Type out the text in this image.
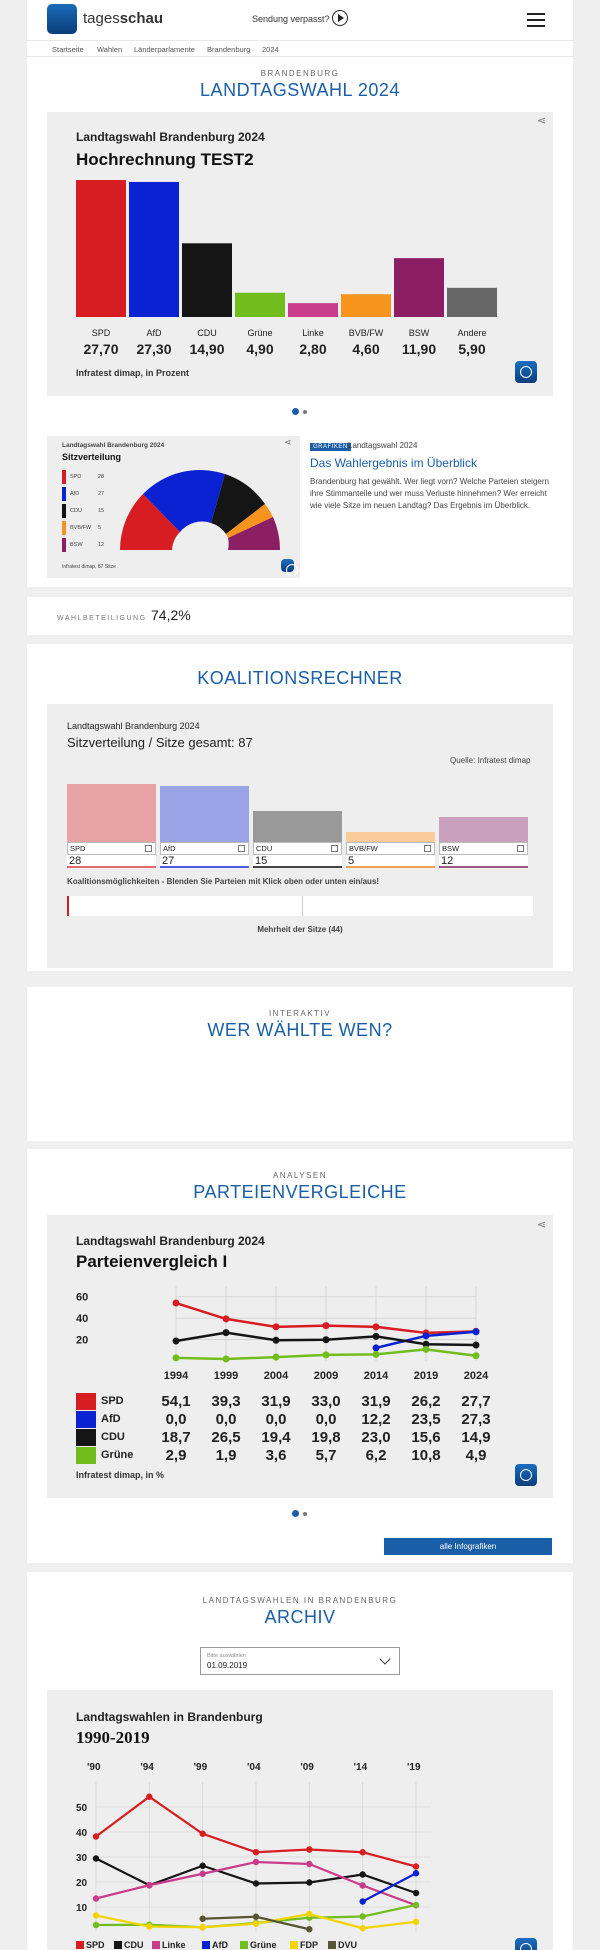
tagesschau	Sendung verpasst?
Startseite Wahlen Länderparlamente Brandenburg 2024
BRANDENBURG
LANDTAGSWAHL 2024
Landtagswahl Brandenburg 2024
Hochrechnung TEST2
⋖
Infratest dimap, in Prozent
Landtagswahl Brandenburg 2024
Sitzverteilung
Infratest dimap, 87 Sitze
⋖	GRAFIKEN Landtagswahl 2024
Das Wahlergebnis im Überblick
Brandenburg hat gewählt. Wer liegt vorn? Welche Parteien steigern ihre Stimmanteile und wer muss Verluste hinnehmen? Wer erreicht wie viele Sitze im neuen Landtag? Das Ergebnis im Überblick.
WAHLBETEILIGUNG 74,2%
KOALITIONSRECHNER
Landtagswahl Brandenburg 2024
Sitzverteilung / Sitze gesamt: 87
Quelle: Infratest dimap
Koalitionsmöglichkeiten - Blenden Sie Parteien mit Klick oben oder unten ein/aus!
Mehrheit der Sitze (44)
INTERAKTIV
WER WÄHLTE WEN?
ANALYSEN
PARTEIENVERGLEICHE
Landtagswahl Brandenburg 2024
Parteienvergleich I
⋖
60
40
20
Infratest dimap, in %
alle Infografiken
LANDTAGSWAHLEN IN BRANDENBURG
ARCHIV
Bitte auswählen
01.09.2019
Landtagswahlen in Brandenburg
1990-2019
50
40
30
20
10
'90	'94	'99	'04	'09	'14	'19
SPD
27,70
AfD
27,30
CDU
14,90
Grüne
4,90
Linke
2,80
BVB/FW
4,60
BSW
11,90
Andere
5,90
SPD	28
AfD	27
CDU	15
BVB/FW 5
BSW	12
SPD
28
AfD
27
CDU
15
BVB/FW
5
BSW
12
1994	1999	2004	2009	2014	2019	2024
SPD	54,1	39,3	31,9	33,0	31,9	26,2	27,7
AfD	0,0	0,0	0,0	0,0	12,2	23,5	27,3
CDU	18,7	26,5	19,4	19,8	23,0	15,6	14,9
Grüne	2,9	1,9	3,6	5,7	6,2	10,8	4,9
SPD CDU Linke	AfD Grüne	FDP DVU
